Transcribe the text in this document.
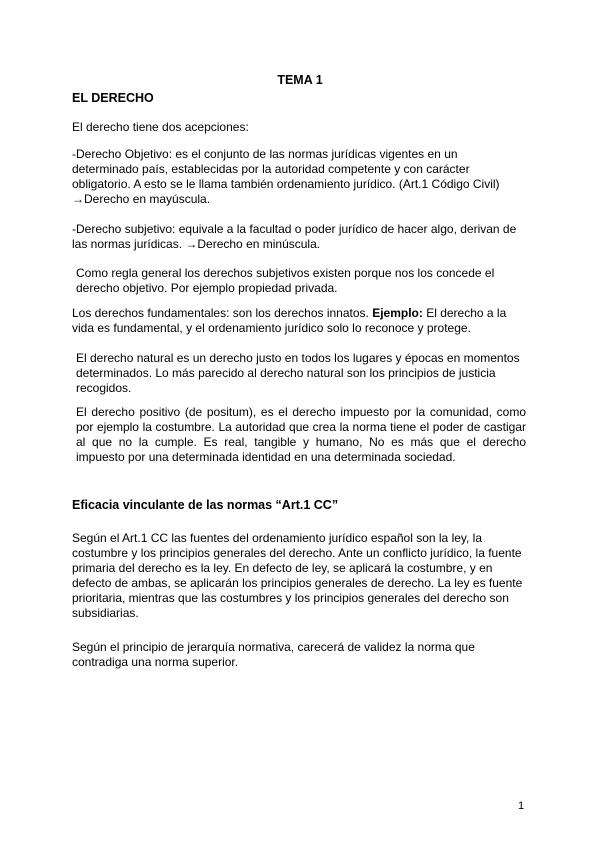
TEMA 1
EL DERECHO

El derecho tiene dos acepciones:

-Derecho Objetivo: es el conjunto de las normas jurídicas vigentes en un determinado país, establecidas por la autoridad competente y con carácter obligatorio. A esto se le llama también ordenamiento jurídico. (Art.1 Código Civil) →Derecho en mayúscula.

-Derecho subjetivo: equivale a la facultad o poder jurídico de hacer algo, derivan de las normas jurídicas. →Derecho en minúscula.

Como regla general los derechos subjetivos existen porque nos los concede el derecho objetivo. Por ejemplo propiedad privada.

Los derechos fundamentales: son los derechos innatos. Ejemplo: El derecho a la vida es fundamental, y el ordenamiento jurídico solo lo reconoce y protege.

El derecho natural es un derecho justo en todos los lugares y épocas en momentos determinados. Lo más parecido al derecho natural son los principios de justicia recogidos.

El derecho positivo (de positum), es el derecho impuesto por la comunidad, como por ejemplo la costumbre. La autoridad que crea la norma tiene el poder de castigar al que no la cumple. Es real, tangible y humano, No es más que el derecho impuesto por una determinada identidad en una determinada sociedad.

Eficacia vinculante de las normas “Art.1 CC”

Según el Art.1 CC las fuentes del ordenamiento jurídico español son la ley, la costumbre y los principios generales del derecho. Ante un conflicto jurídico, la fuente primaria del derecho es la ley. En defecto de ley, se aplicará la costumbre, y en defecto de ambas, se aplicarán los principios generales de derecho. La ley es fuente prioritaria, mientras que las costumbres y los principios generales del derecho son subsidiarias.

Según el principio de jerarquía normativa, carecerá de validez la norma que contradiga una norma superior.

1
